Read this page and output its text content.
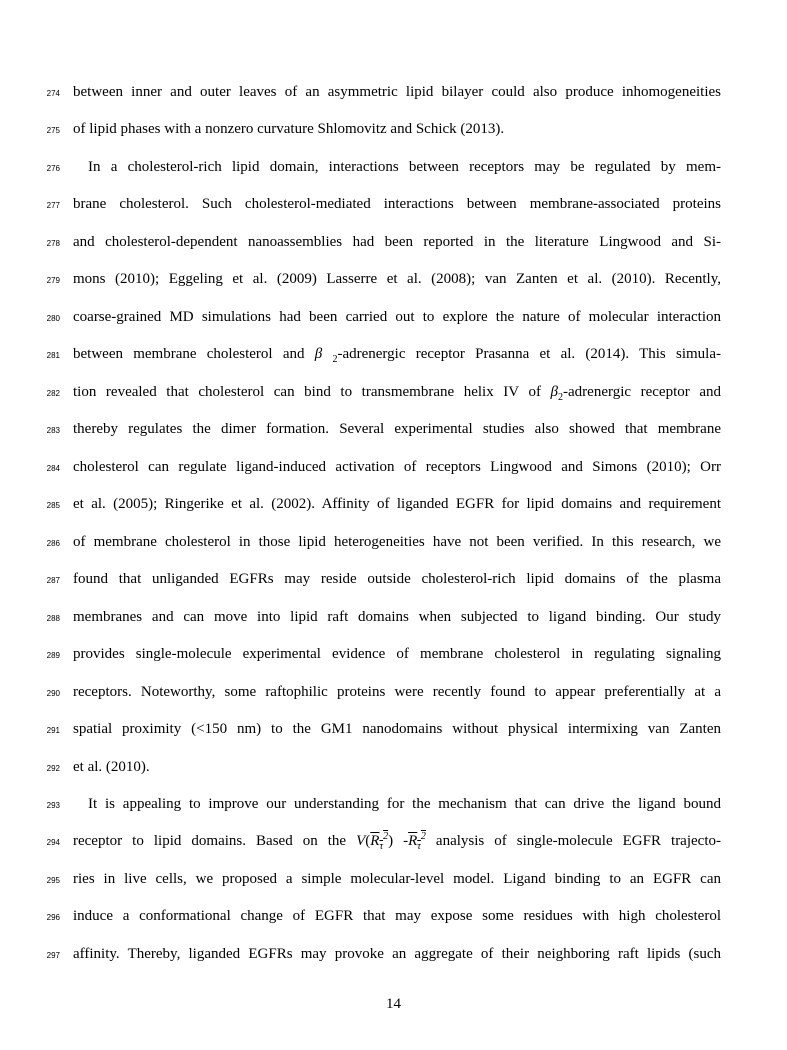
274 between inner and outer leaves of an asymmetric lipid bilayer could also produce inhomogeneities
275 of lipid phases with a nonzero curvature Shlomovitz and Schick (2013).
276 In a cholesterol-rich lipid domain, interactions between receptors may be regulated by mem-
277 brane cholesterol. Such cholesterol-mediated interactions between membrane-associated proteins
278 and cholesterol-dependent nanoassemblies had been reported in the literature Lingwood and Si-
279 mons (2010); Eggeling et al. (2009) Lasserre et al. (2008); van Zanten et al. (2010). Recently,
280 coarse-grained MD simulations had been carried out to explore the nature of molecular interaction
281 between membrane cholesterol and β $_2$-adrenergic receptor Prasanna et al. (2014). This simula-
282 tion revealed that cholesterol can bind to transmembrane helix IV of $\beta_2$-adrenergic receptor and
283 thereby regulates the dimer formation. Several experimental studies also showed that membrane
284 cholesterol can regulate ligand-induced activation of receptors Lingwood and Simons (2010); Orr
285 et al. (2005); Ringerike et al. (2002). Affinity of liganded EGFR for lipid domains and requirement
286 of membrane cholesterol in those lipid heterogeneities have not been verified. In this research, we
287 found that unliganded EGFRs may reside outside cholesterol-rich lipid domains of the plasma
288 membranes and can move into lipid raft domains when subjected to ligand binding. Our study
289 provides single-molecule experimental evidence of membrane cholesterol in regulating signaling
290 receptors. Noteworthy, some raftophilic proteins were recently found to appear preferentially at a
291 spatial proximity (<150 nm) to the GM1 nanodomains without physical intermixing van Zanten
292 et al. (2010).
293 It is appealing to improve our understanding for the mechanism that can drive the ligand bound
294 receptor to lipid domains. Based on the $V(R_\tau^2)$ $-R_\tau^2$ analysis of single-molecule EGFR trajecto-
295 ries in live cells, we proposed a simple molecular-level model. Ligand binding to an EGFR can
296 induce a conformational change of EGFR that may expose some residues with high cholesterol
297 affinity. Thereby, liganded EGFRs may provoke an aggregate of their neighboring raft lipids (such
14
